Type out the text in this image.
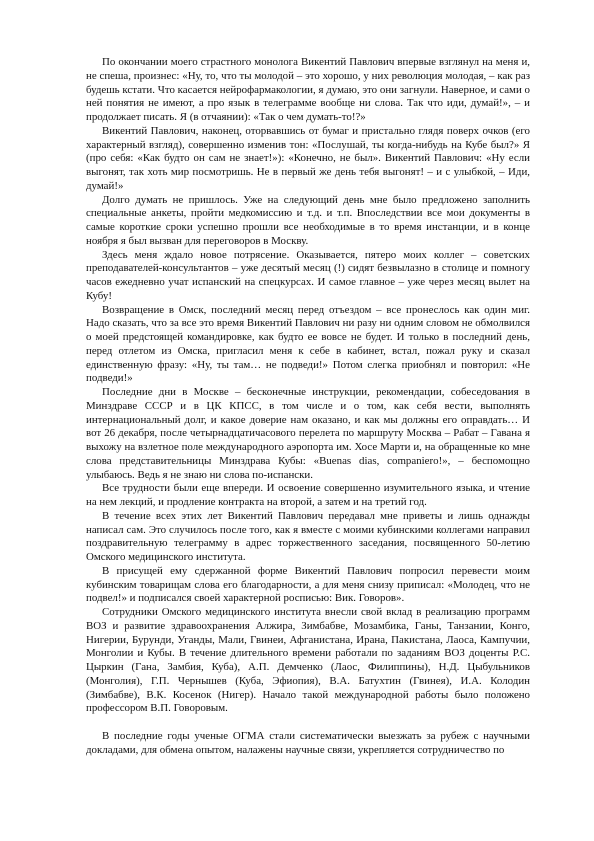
По окончании моего страстного монолога Викентий Павлович впервые взглянул на меня и, не спеша, произнес: «Ну, то, что ты молодой – это хорошо, у них революция молодая, – как раз будешь кстати. Что касается нейрофармакологии, я думаю, это они загнули. Наверное, и сами о ней понятия не имеют, а про язык в телеграмме вообще ни слова. Так что иди, думай!», – и продолжает писать. Я (в отчаянии): «Так о чем думать-то!?»

Викентий Павлович, наконец, оторвавшись от бумаг и пристально глядя поверх очков (его характерный взгляд), совершенно изменив тон: «Послушай, ты когда-нибудь на Кубе был?» Я (про себя: «Как будто он сам не знает!»): «Конечно, не был». Викентий Павлович: «Ну если выгонят, так хоть мир посмотришь. Не в первый же день тебя выгонят! – и с улыбкой, – Иди, думай!»

Долго думать не пришлось. Уже на следующий день мне было предложено заполнить специальные анкеты, пройти медкомиссию и т.д. и т.п. Впоследствии все мои документы в самые короткие сроки успешно прошли все необходимые в то время инстанции, и в конце ноября я был вызван для переговоров в Москву.

Здесь меня ждало новое потрясение. Оказывается, пятеро моих коллег – советских преподавателей-консультантов – уже десятый месяц (!) сидят безвылазно в столице и помногу часов ежедневно учат испанский на спецкурсах. И самое главное – уже через месяц вылет на Кубу!

Возвращение в Омск, последний месяц перед отъездом – все пронеслось как один миг. Надо сказать, что за все это время Викентий Павлович ни разу ни одним словом не обмолвился о моей предстоящей командировке, как будто ее вовсе не будет. И только в последний день, перед отлетом из Омска, пригласил меня к себе в кабинет, встал, пожал руку и сказал единственную фразу: «Ну, ты там… не подведи!» Потом слегка приобнял и повторил: «Не подведи!»

Последние дни в Москве – бесконечные инструкции, рекомендации, собеседования в Минздраве СССР и в ЦК КПСС, в том числе и о том, как себя вести, выполнять интернациональный долг, и какое доверие нам оказано, и как мы должны его оправдать… И вот 26 декабря, после четырнадцатичасового перелета по маршруту Москва – Рабат – Гавана я выхожу на взлетное поле международного аэропорта им. Хосе Марти и, на обращенные ко мне слова представительницы Минздрава Кубы: «Buenas dias, companiero!», – беспомощно улыбаюсь. Ведь я не знаю ни слова по-испански.

Все трудности были еще впереди. И освоение совершенно изумительного языка, и чтение на нем лекций, и продление контракта на второй, а затем и на третий год.

В течение всех этих лет Викентий Павлович передавал мне приветы и лишь однажды написал сам. Это случилось после того, как я вместе с моими кубинскими коллегами направил поздравительную телеграмму в адрес торжественного заседания, посвященного 50-летию Омского медицинского института.

В присущей ему сдержанной форме Викентий Павлович попросил перевести моим кубинским товарищам слова его благодарности, а для меня снизу приписал: «Молодец, что не подвел!» и подписался своей характерной росписью: Вик. Говоров».

Сотрудники Омского медицинского института внесли свой вклад в реализацию программ ВОЗ и развитие здравоохранения Алжира, Зимбабве, Мозамбика, Ганы, Танзании, Конго, Нигерии, Бурунди, Уганды, Мали, Гвинеи, Афганистана, Ирана, Пакистана, Лаоса, Кампучии, Монголии и Кубы. В течение длительного времени работали по заданиям ВОЗ доценты Р.С. Цыркин (Гана, Замбия, Куба), А.П. Демченко (Лаос, Филиппины), Н.Д. Цыбульников (Монголия), Г.П. Чернышев (Куба, Эфиопия), В.А. Батухтин (Гвинея), И.А. Колодин (Зимбабве), В.К. Косенок (Нигер). Начало такой международной работы было положено профессором В.П. Говоровым.

В последние годы ученые ОГМА стали систематически выезжать за рубеж с научными докладами, для обмена опытом, налажены научные связи, укрепляется сотрудничество по
